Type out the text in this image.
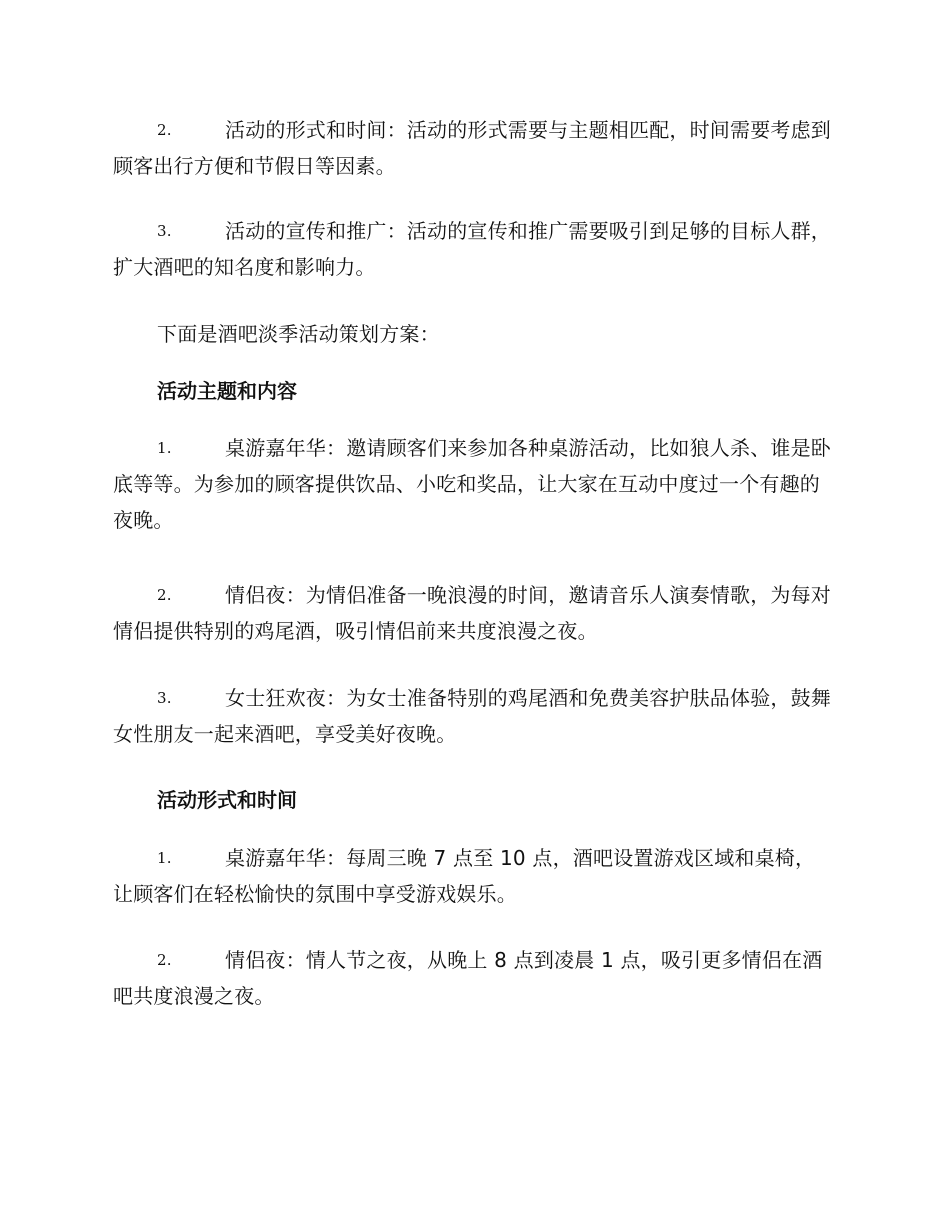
2.	活动的形式和时间：活动的形式需要与主题相匹配，时间需要考虑到顾客出行方便和节假日等因素。

3.	活动的宣传和推广：活动的宣传和推广需要吸引到足够的目标人群，扩大酒吧的知名度和影响力。

下面是酒吧淡季活动策划方案：

活动主题和内容
1.	桌游嘉年华：邀请顾客们来参加各种桌游活动，比如狼人杀、谁是卧底等等。为参加的顾客提供饮品、小吃和奖品，让大家在互动中度过一个有趣的夜晚。

2.	情侣夜：为情侣准备一晚浪漫的时间，邀请音乐人演奏情歌，为每对情侣提供特别的鸡尾酒，吸引情侣前来共度浪漫之夜。

3.	女士狂欢夜：为女士准备特别的鸡尾酒和免费美容护肤品体验，鼓舞女性朋友一起来酒吧，享受美好夜晚。

活动形式和时间
1.	桌游嘉年华：每周三晚 7 点至 10 点，酒吧设置游戏区域和桌椅，让顾客们在轻松愉快的氛围中享受游戏娱乐。

2.	情侣夜：情人节之夜，从晚上 8 点到凌晨 1 点，吸引更多情侣在酒吧共度浪漫之夜。
